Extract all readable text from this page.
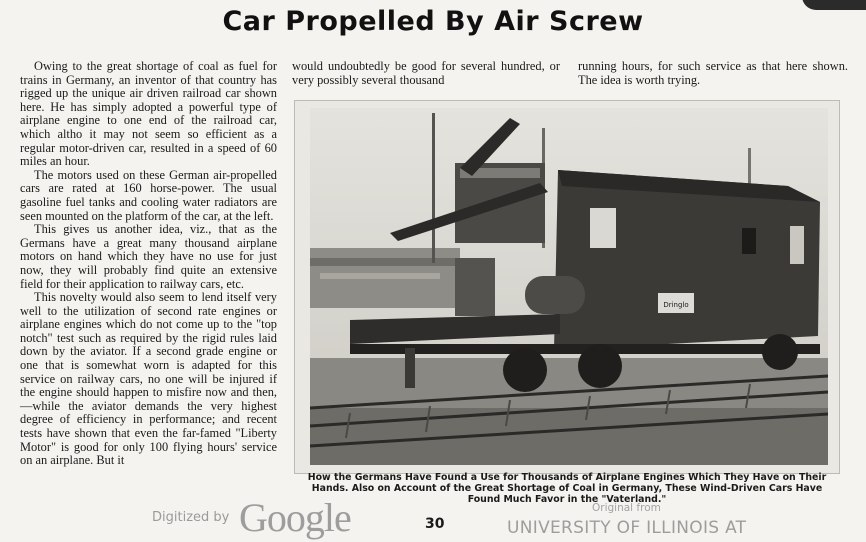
Car Propelled By Air Screw

Owing to the great shortage of coal as fuel for trains in Germany, an inventor of that country has rigged up the unique air driven railroad car shown here. He has simply adopted a powerful type of airplane engine to one end of the railroad car, which altho it may not seem so efficient as a regular motor-driven car, resulted in a speed of 60 miles an hour.

The motors used on these German air-propelled cars are rated at 160 horse-power. The usual gasoline fuel tanks and cooling water radiators are seen mounted on the platform of the car, at the left.

This gives us another idea, viz., that as the Germans have a great many thousand airplane motors on hand which they have no use for just now, they will probably find quite an extensive field for their application to railway cars, etc.

This novelty would also seem to lend itself very well to the utilization of second rate engines or airplane engines which do not come up to the "top notch" test such as required by the rigid rules laid down by the aviator. If a second grade engine or one that is somewhat worn is adapted for this service on railway cars, no one will be injured if the engine should happen to misfire now and then,—while the aviator demands the very highest degree of efficiency in performance; and recent tests have shown that even the far-famed "Liberty Motor" is good for only 100 flying hours' service on an airplane. But it

would undoubtedly be good for several hundred, or very possibly several thousand
running hours, for such service as that here shown. The idea is worth trying.
Dringlo
How the Germans Have Found a Use for Thousands of Airplane Engines Which They Have on Their Hands. Also on Account of the Great Shortage of Coal in Germany, These Wind-Driven Cars Have Found Much Favor in the "Vaterland."
Digitized by Google	30
Original from
UNIVERSITY OF ILLINOIS AT
